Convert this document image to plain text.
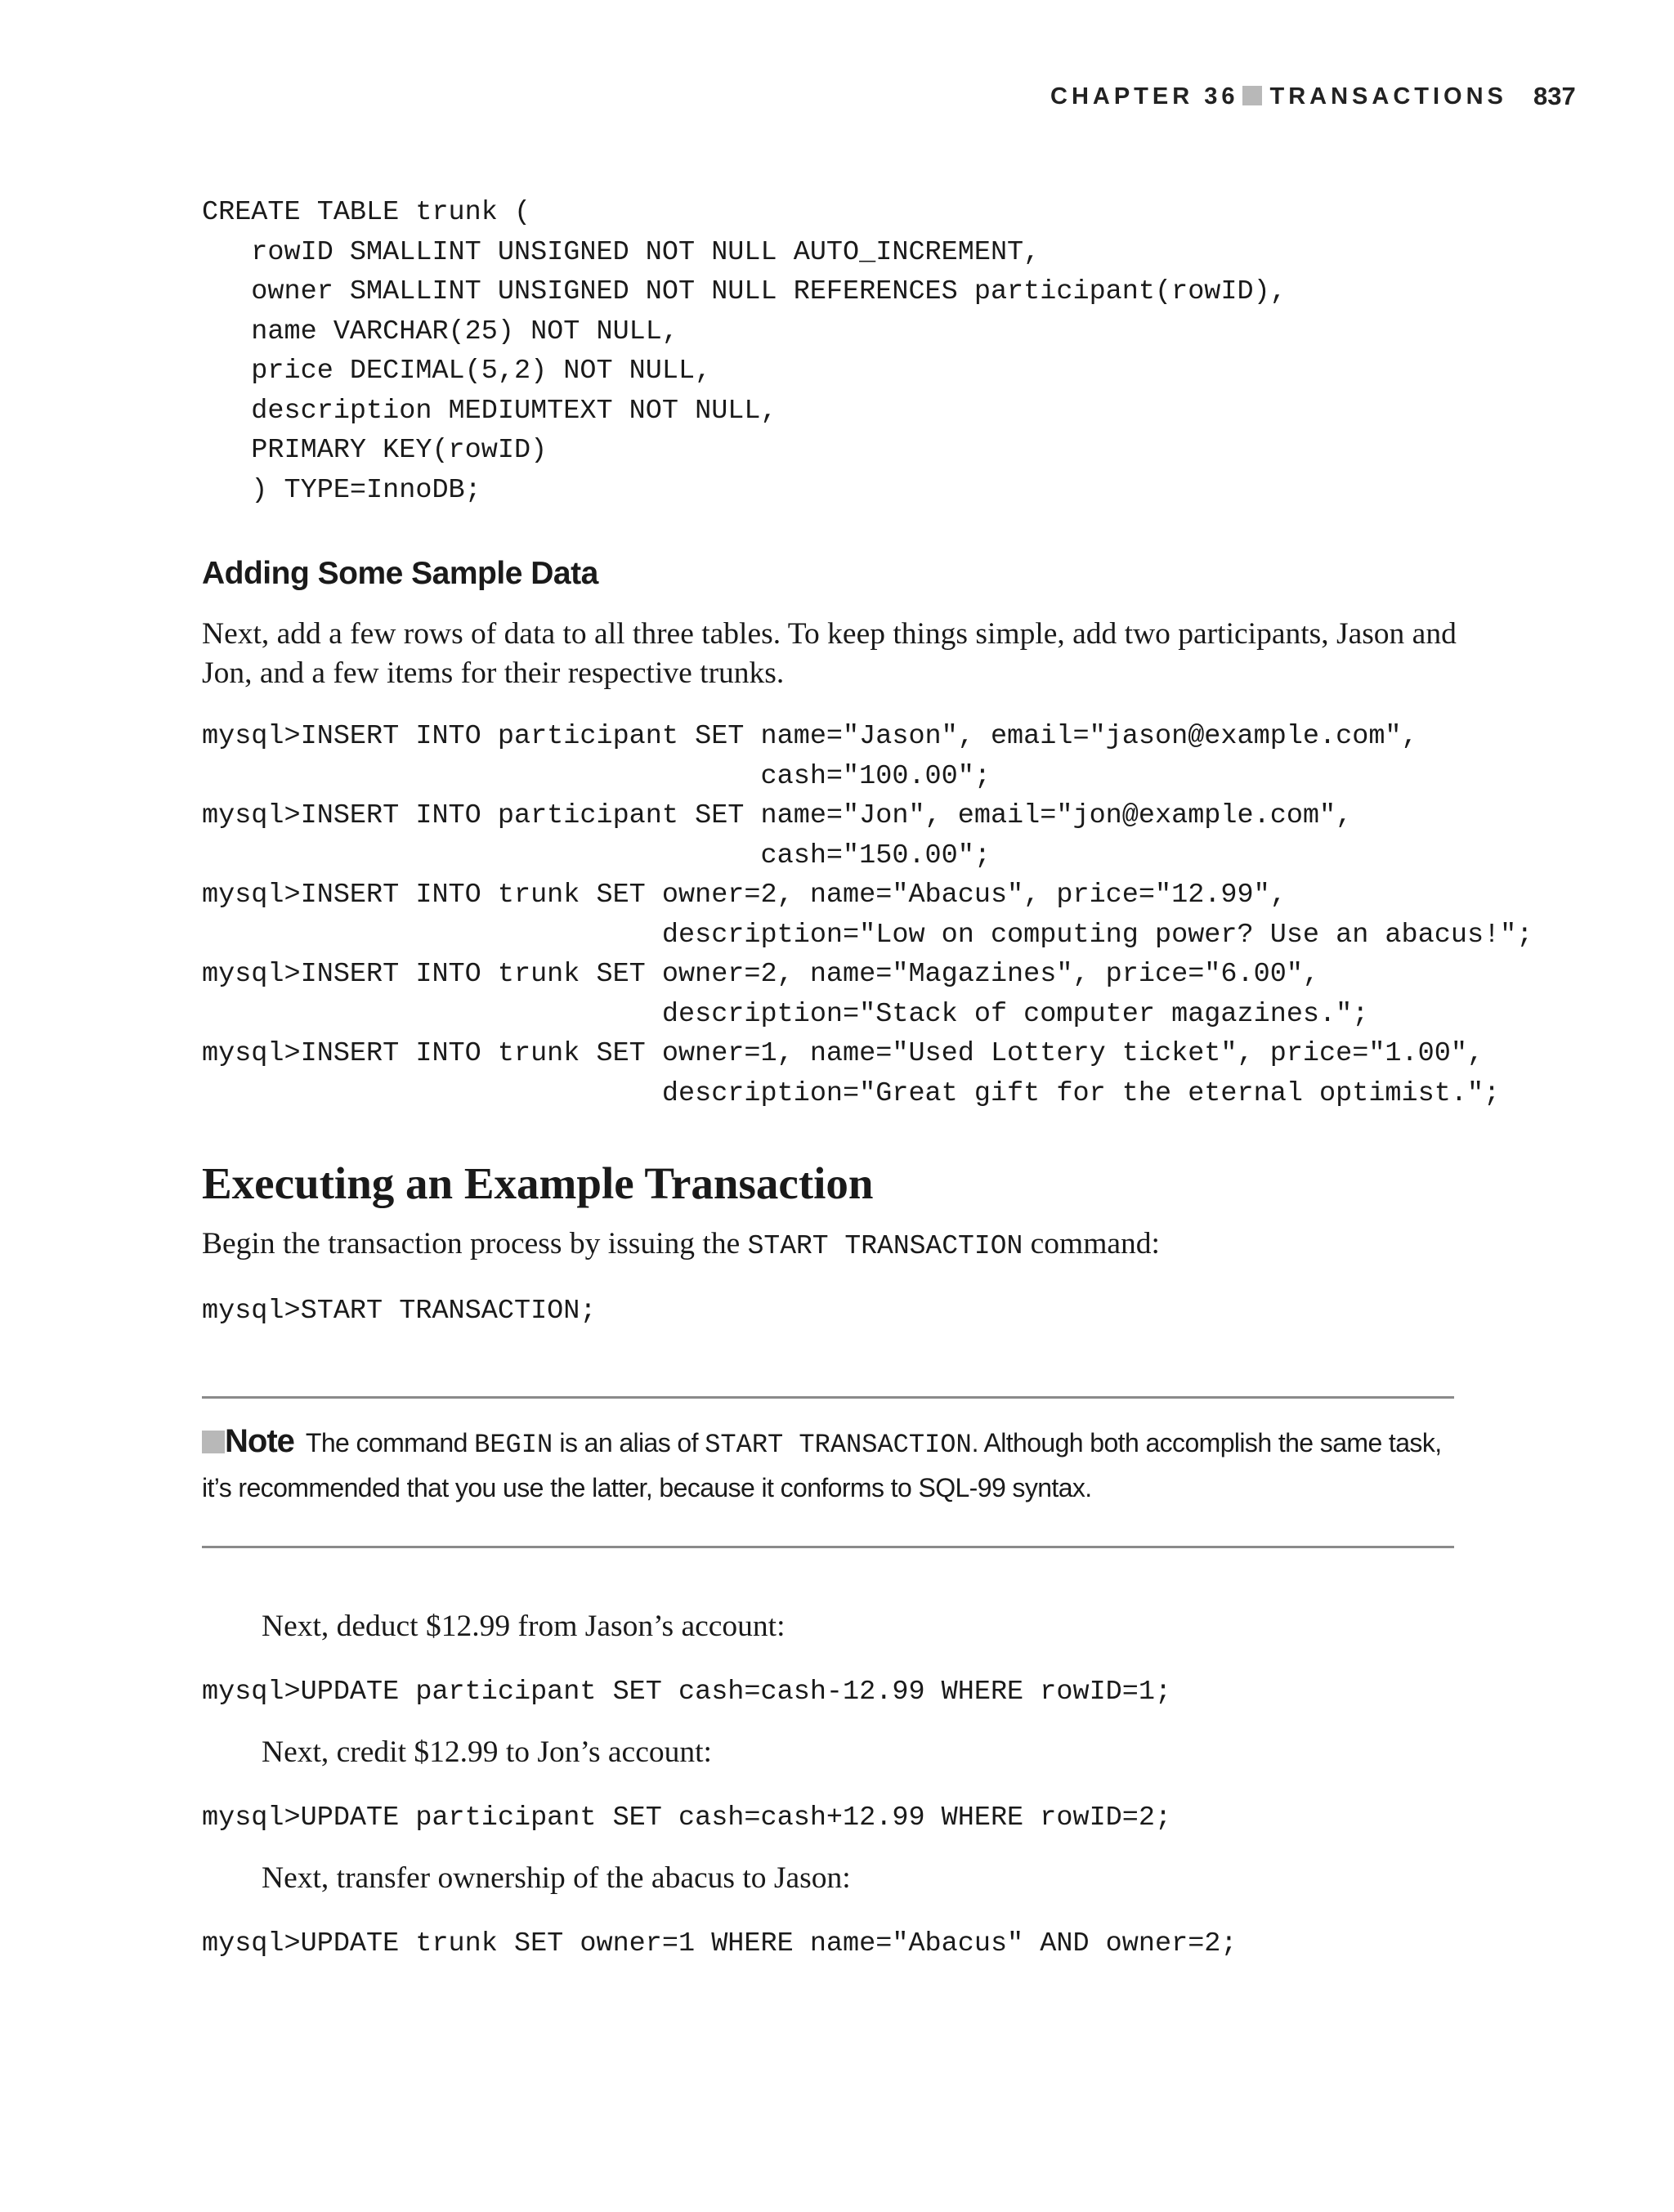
CHAPTER 36 TRANSACTIONS 837
CREATE TABLE trunk (
rowID SMALLINT UNSIGNED NOT NULL AUTO_INCREMENT,
owner SMALLINT UNSIGNED NOT NULL REFERENCES participant(rowID),
name VARCHAR(25) NOT NULL,
price DECIMAL(5,2) NOT NULL,
description MEDIUMTEXT NOT NULL,
PRIMARY KEY(rowID)
) TYPE=InnoDB;
Adding Some Sample Data

Next, add a few rows of data to all three tables. To keep things simple, add two participants, Jason and Jon, and a few items for their respective trunks.

mysql>INSERT INTO participant SET name="Jason", email="jason@example.com",
cash="100.00";
mysql>INSERT INTO participant SET name="Jon", email="jon@example.com",
cash="150.00";
mysql>INSERT INTO trunk SET owner=2, name="Abacus", price="12.99",
description="Low on computing power? Use an abacus!";
mysql>INSERT INTO trunk SET owner=2, name="Magazines", price="6.00",
description="Stack of computer magazines.";
mysql>INSERT INTO trunk SET owner=1, name="Used Lottery ticket", price="1.00",
description="Great gift for the eternal optimist.";
Executing an Example Transaction

Begin the transaction process by issuing the START TRANSACTION command:

mysql>START TRANSACTION;

Note The command BEGIN is an alias of START TRANSACTION. Although both accomplish the same task, it’s recommended that you use the latter, because it conforms to SQL-99 syntax.

Next, deduct $12.99 from Jason’s account:

mysql>UPDATE participant SET cash=cash-12.99 WHERE rowID=1;

Next, credit $12.99 to Jon’s account:

mysql>UPDATE participant SET cash=cash+12.99 WHERE rowID=2;

Next, transfer ownership of the abacus to Jason:

mysql>UPDATE trunk SET owner=1 WHERE name="Abacus" AND owner=2;
